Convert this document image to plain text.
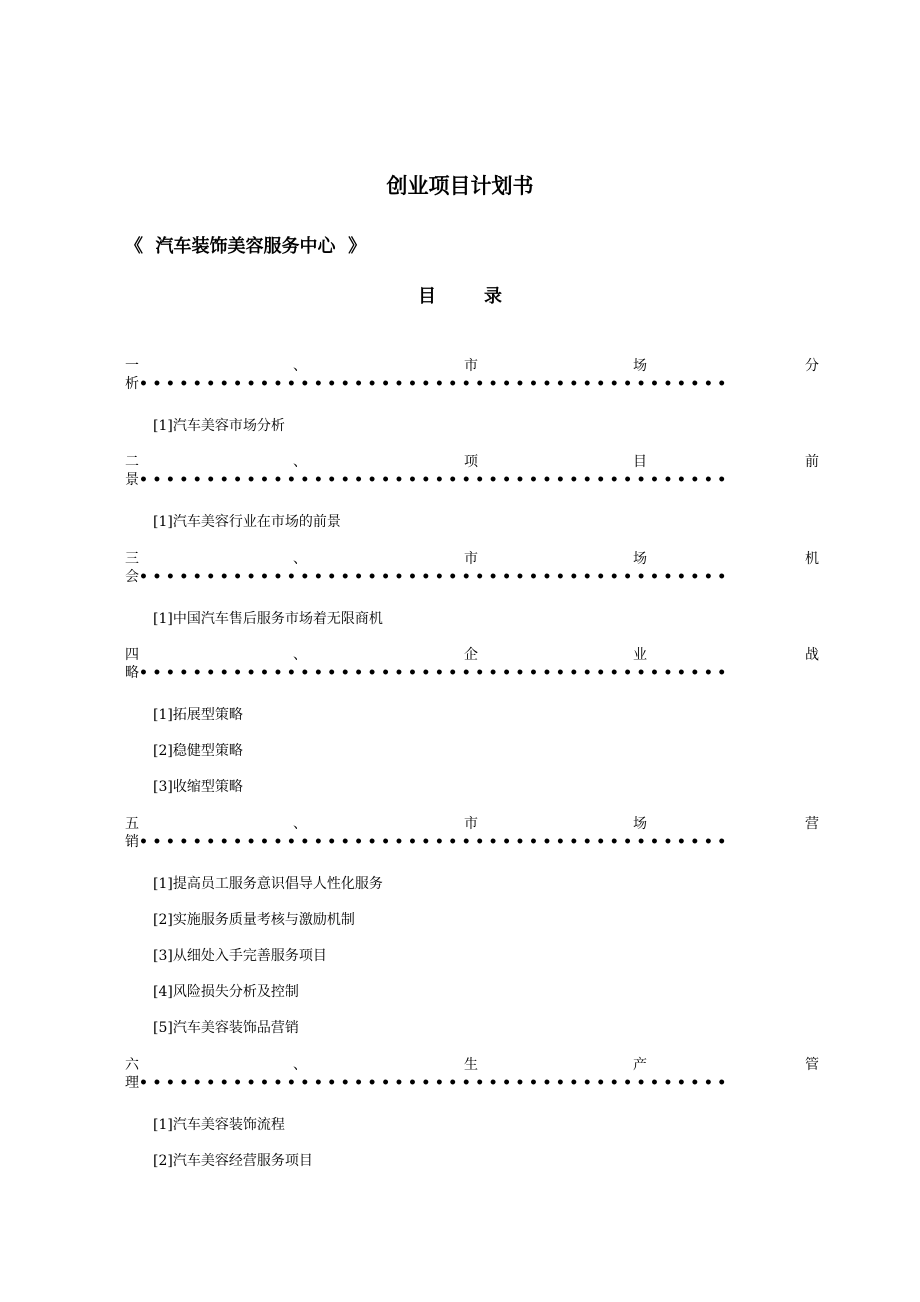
创业项目计划书
《  汽车装饰美容服务中心  》
目	录
一	、	市	场	分
析••••••••••••••••••••••••••••••••••••••••••••
[1]汽车美容市场分析
二	、	项	目	前
景••••••••••••••••••••••••••••••••••••••••••••
[1]汽车美容行业在市场的前景
三	、	市	场	机
会••••••••••••••••••••••••••••••••••••••••••••
[1]中国汽车售后服务市场着无限商机
四	、	企	业	战
略••••••••••••••••••••••••••••••••••••••••••••
[1]拓展型策略
[2]稳健型策略
[3]收缩型策略
五	、	市	场	营
销••••••••••••••••••••••••••••••••••••••••••••
[1]提高员工服务意识倡导人性化服务
[2]实施服务质量考核与激励机制
[3]从细处入手完善服务项目
[4]风险损失分析及控制
[5]汽车美容装饰品营销
六	、	生	产	管
理••••••••••••••••••••••••••••••••••••••••••••
[1]汽车美容装饰流程
[2]汽车美容经营服务项目
